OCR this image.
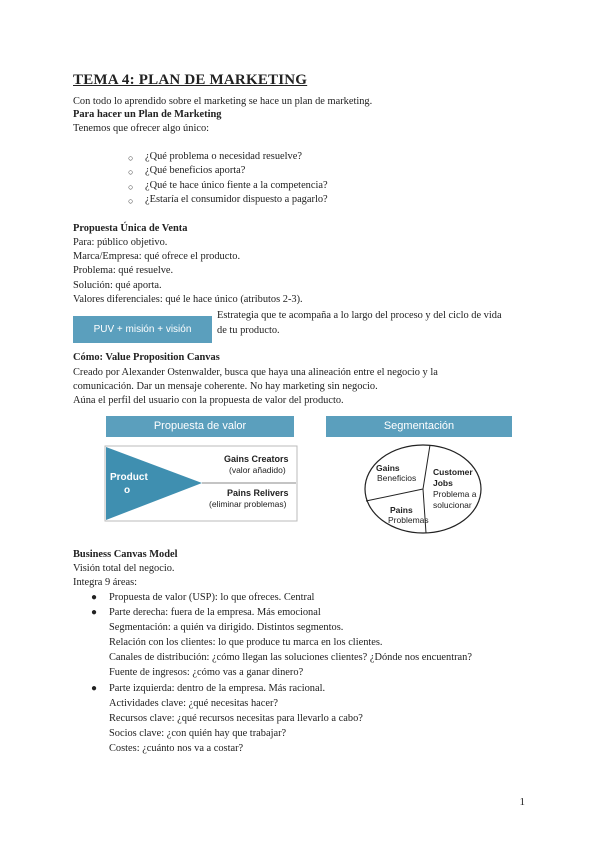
TEMA 4: PLAN DE MARKETING
Con todo lo aprendido sobre el marketing se hace un plan de marketing.
Para hacer un Plan de Marketing
Tenemos que ofrecer algo único:
○ ¿Qué problema o necesidad resuelve?
○ ¿Qué beneficios aporta?
○ ¿Qué te hace único fiente a la competencia?
○ ¿Estaría el consumidor dispuesto a pagarlo?
Propuesta Única de Venta
Para: público objetivo.
Marca/Empresa: qué ofrece el producto.
Problema: qué resuelve.
Solución: qué aporta.
Valores diferenciales: qué le hace único (atributos 2-3).
PUV + misión + visión
Estrategia que te acompaña a lo largo del proceso y del ciclo de vida
de tu producto.
Cómo: Value Proposition Canvas
Creado por Alexander Ostenwalder, busca que haya una alineación entre el negocio y la
comunicación. Dar un mensaje coherente. No hay marketing sin negocio.
Aúna el perfil del usuario con la propuesta de valor del producto.
Propuesta de valor	Segmentación
Product
o
Gains Creators
(valor añadido)
Pains Relivers
(eliminar problemas)
Gains
Beneficios
Customer
Jobs
Problema a
solucionar
Pains
Problemas
Business Canvas Model
Visión total del negocio.
Integra 9 áreas:
● Propuesta de valor (USP): lo que ofreces. Central
● Parte derecha: fuera de la empresa. Más emocional
Segmentación: a quién va dirigido. Distintos segmentos.
Relación con los clientes: lo que produce tu marca en los clientes.
Canales de distribución: ¿cómo llegan las soluciones clientes? ¿Dónde nos encuentran?
Fuente de ingresos: ¿cómo vas a ganar dinero?
● Parte izquierda: dentro de la empresa. Más racional.
Actividades clave: ¿qué necesitas hacer?
Recursos clave: ¿qué recursos necesitas para llevarlo a cabo?
Socios clave: ¿con quién hay que trabajar?
Costes: ¿cuánto nos va a costar?
1
